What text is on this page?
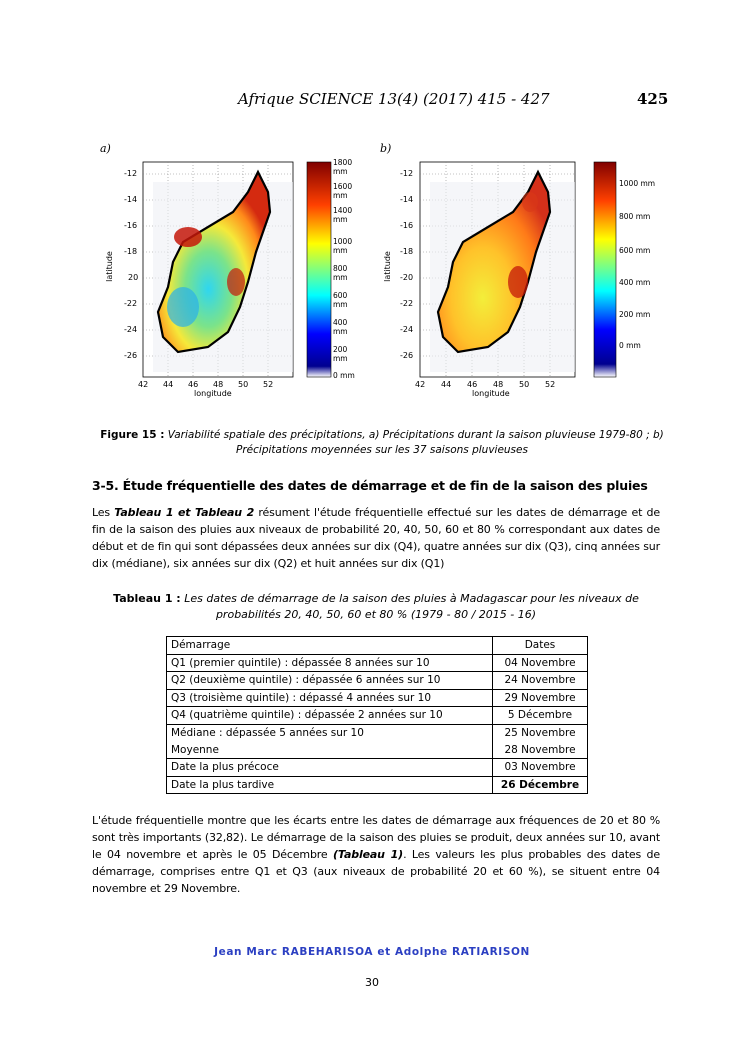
Afrique SCIENCE 13(4) (2017) 415 - 427	425
a)
-12
-14
-16
-18
20
-22
-24
-26
latitude
42 44 46 48 50 52
longitude
1800 mm
1600 mm
1400 mm
1000 mm
800 mm
600 mm
400 mm
200 mm
0 mm
b)
-12
-14
-16
-18
-20
-22
-24
-26
latitude
42 44 46 48 50 52
longitude
1000 mm
800 mm
600 mm
400 mm
200 mm
0 mm
Figure 15 : Variabilité spatiale des précipitations, a) Précipitations durant la saison pluvieuse 1979-80 ; b) Précipitations moyennées sur les 37 saisons pluvieuses
3-5. Étude fréquentielle des dates de démarrage et de fin de la saison des pluies
Les Tableau 1 et Tableau 2 résument l'étude fréquentielle effectué sur les dates de démarrage et de fin de la saison des pluies aux niveaux de probabilité 20, 40, 50, 60 et 80 % correspondant aux dates de début et de fin qui sont dépassées deux années sur dix (Q4), quatre années sur dix (Q3), cinq années sur dix (médiane), six années sur dix (Q2) et huit années sur dix (Q1)
Tableau 1 : Les dates de démarrage de la saison des pluies à Madagascar pour les niveaux de probabilités 20, 40, 50, 60 et 80 % (1979 - 80 / 2015 - 16)
Démarrage	Dates
Q1 (premier quintile) : dépassée 8 années sur 10	04 Novembre
Q2 (deuxième quintile) : dépassée 6 années sur 10	24 Novembre
Q3 (troisième quintile) : dépassé 4 années sur 10	29 Novembre
Q4 (quatrième quintile) : dépassée 2 années sur 10	5 Décembre
Médiane : dépassée 5 années sur 10	25 Novembre
Moyenne	28 Novembre
Date la plus précoce	03 Novembre
Date la plus tardive	26 Décembre
L'étude fréquentielle montre que les écarts entre les dates de démarrage aux fréquences de 20 et 80 % sont très importants (32,82). Le démarrage de la saison des pluies se produit, deux années sur 10, avant le 04 novembre et après le 05 Décembre (Tableau 1). Les valeurs les plus probables des dates de démarrage, comprises entre Q1 et Q3 (aux niveaux de probabilité 20 et 60 %), se situent entre 04 novembre et 29 Novembre.
Jean Marc RABEHARISOA et Adolphe RATIARISON
30
